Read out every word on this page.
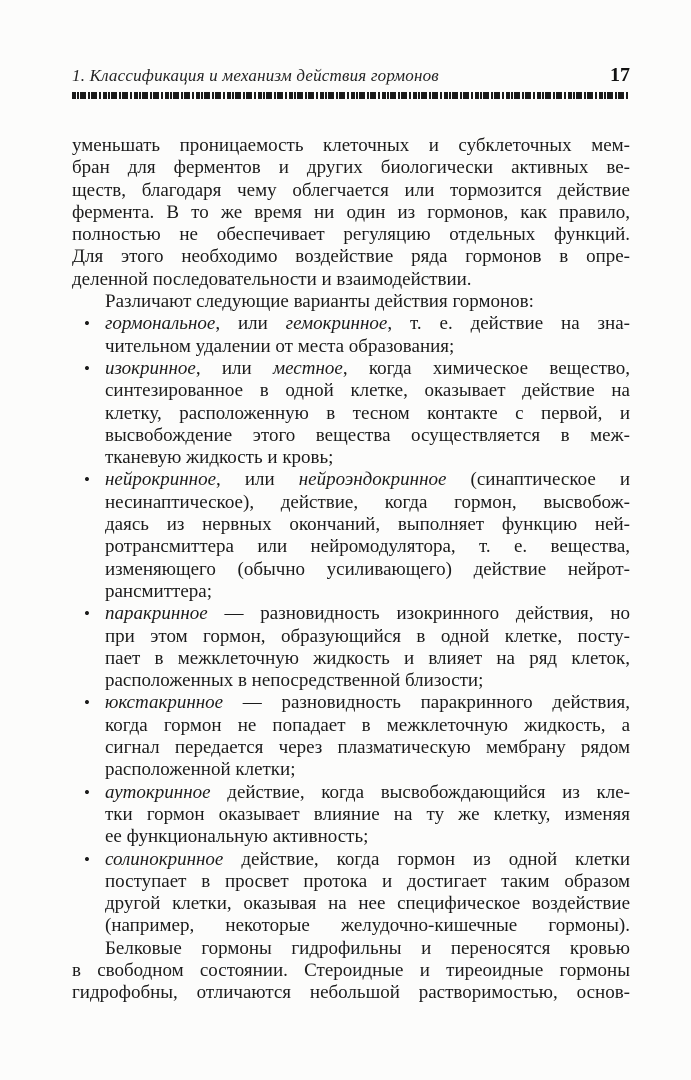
1. Классификация и механизм действия гормонов	17
уменьшать проницаемость клеточных и субклеточных мем-
бран для ферментов и других биологически активных ве-
ществ, благодаря чему облегчается или тормозится действие
фермента. В то же время ни один из гормонов, как правило,
полностью не обеспечивает регуляцию отдельных функций.
Для этого необходимо воздействие ряда гормонов в опре-
деленной последовательности и взаимодействии.
Различают следующие варианты действия гормонов:
• гормональное, или гемокринное, т. е. действие на зна-
чительном удалении от места образования;
• изокринное, или местное, когда химическое вещество,
синтезированное в одной клетке, оказывает действие на
клетку, расположенную в тесном контакте с первой, и
высвобождение этого вещества осуществляется в меж-
тканевую жидкость и кровь;
• нейрокринное, или нейроэндокринное (синаптическое и
несинаптическое), действие, когда гормон, высвобож-
даясь из нервных окончаний, выполняет функцию ней-
ротрансмиттера или нейромодулятора, т. е. вещества,
изменяющего (обычно усиливающего) действие нейрот-
рансмиттера;
• паракринное — разновидность изокринного действия, но
при этом гормон, образующийся в одной клетке, посту-
пает в межклеточную жидкость и влияет на ряд клеток,
расположенных в непосредственной близости;
• юкстакринное — разновидность паракринного действия,
когда гормон не попадает в межклеточную жидкость, а
сигнал передается через плазматическую мембрану рядом
расположенной клетки;
• аутокринное действие, когда высвобождающийся из кле-
тки гормон оказывает влияние на ту же клетку, изменяя
ее функциональную активность;
• солинокринное действие, когда гормон из одной клетки
поступает в просвет протока и достигает таким образом
другой клетки, оказывая на нее специфическое воздействие
(например, некоторые желудочно-кишечные гормоны).
Белковые гормоны гидрофильны и переносятся кровью
в свободном состоянии. Стероидные и тиреоидные гормоны
гидрофобны, отличаются небольшой растворимостью, основ-
